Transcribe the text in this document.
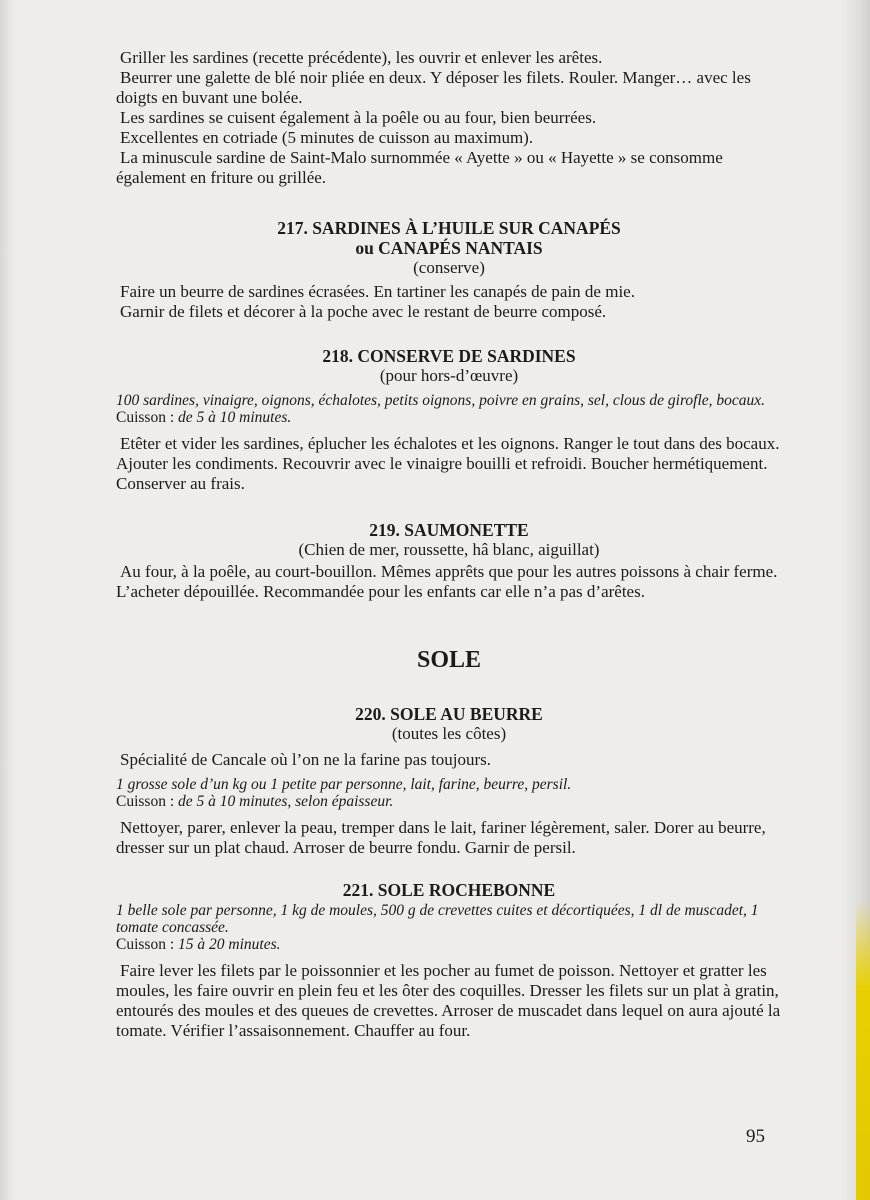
Griller les sardines (recette précédente), les ouvrir et enlever les arêtes.

Beurrer une galette de blé noir pliée en deux. Y déposer les filets. Rouler. Manger… avec les doigts en buvant une bolée.

Les sardines se cuisent également à la poêle ou au four, bien beurrées.

Excellentes en cotriade (5 minutes de cuisson au maximum).

La minuscule sardine de Saint-Malo surnommée « Ayette » ou « Hayette » se consomme également en friture ou grillée.

217. SARDINES À L’HUILE SUR CANAPÉS

ou CANAPÉS NANTAIS

(conserve)

Faire un beurre de sardines écrasées. En tartiner les canapés de pain de mie.

Garnir de filets et décorer à la poche avec le restant de beurre composé.

218. CONSERVE DE SARDINES

(pour hors-d’œuvre)

100 sardines, vinaigre, oignons, échalotes, petits oignons, poivre en grains, sel, clous de girofle, bocaux.

Cuisson : de 5 à 10 minutes.

Etêter et vider les sardines, éplucher les échalotes et les oignons. Ranger le tout dans des bocaux. Ajouter les condiments. Recouvrir avec le vinaigre bouilli et refroidi. Boucher hermétiquement. Conserver au frais.

219. SAUMONETTE

(Chien de mer, roussette, hâ blanc, aiguillat)

Au four, à la poêle, au court-bouillon. Mêmes apprêts que pour les autres poissons à chair ferme. L’acheter dépouillée. Recommandée pour les enfants car elle n’a pas d’arêtes.

SOLE

220. SOLE AU BEURRE

(toutes les côtes)

Spécialité de Cancale où l’on ne la farine pas toujours.

1 grosse sole d’un kg ou 1 petite par personne, lait, farine, beurre, persil.

Cuisson : de 5 à 10 minutes, selon épaisseur.

Nettoyer, parer, enlever la peau, tremper dans le lait, fariner légèrement, saler. Dorer au beurre, dresser sur un plat chaud. Arroser de beurre fondu. Garnir de persil.

221. SOLE ROCHEBONNE

1 belle sole par personne, 1 kg de moules, 500 g de crevettes cuites et décortiquées, 1 dl de muscadet, 1 tomate concassée.

Cuisson : 15 à 20 minutes.

Faire lever les filets par le poissonnier et les pocher au fumet de poisson. Nettoyer et gratter les moules, les faire ouvrir en plein feu et les ôter des coquilles. Dresser les filets sur un plat à gratin, entourés des moules et des queues de crevettes. Arroser de muscadet dans lequel on aura ajouté la tomate. Vérifier l’assaisonnement. Chauffer au four.

95
